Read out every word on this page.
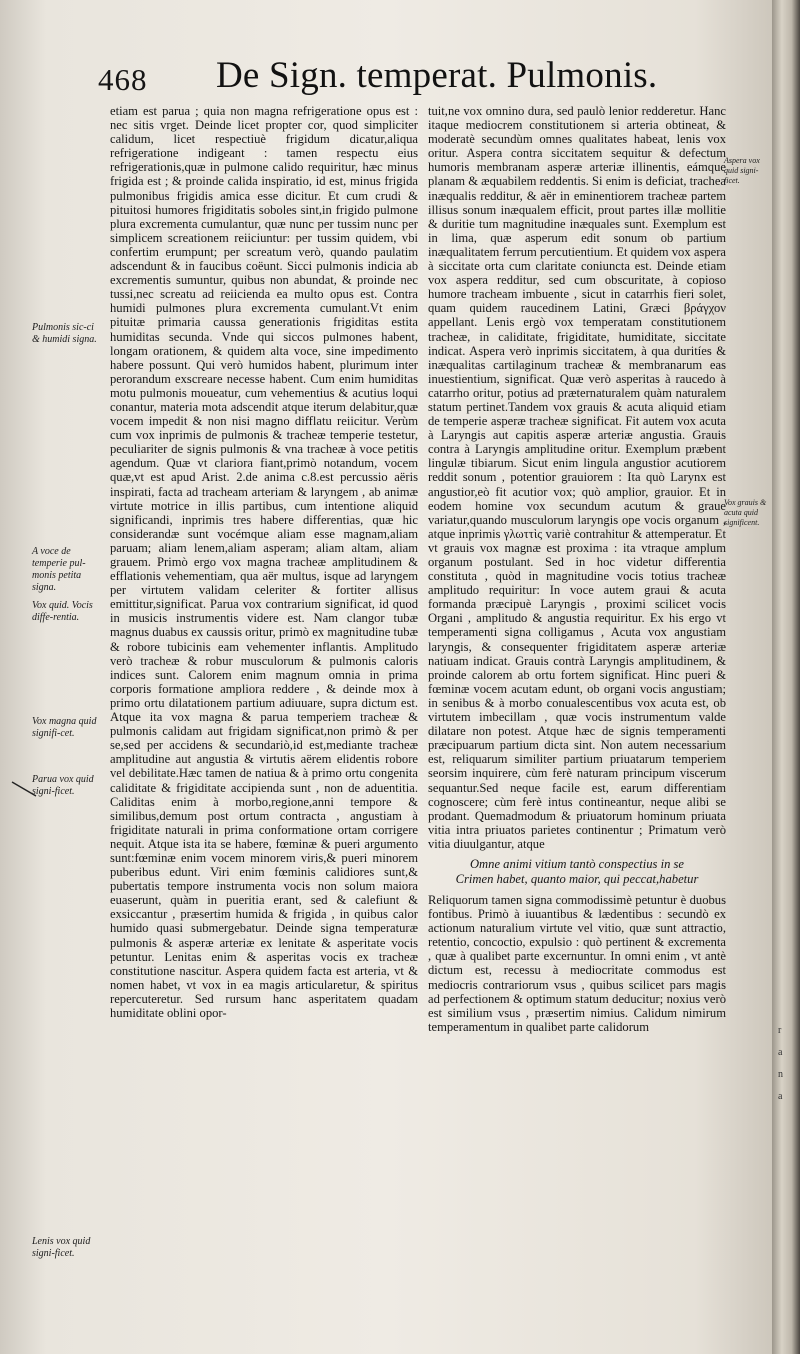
468 De Sign. temperat. Pulmonis.
Pulmonis sic-ci & humidi signa.
A voce de temperie pul-monis petita signa.
Vox quid. Vocis diffe-rentia.
Vox magna quid signifi-cet.
Parua vox quid signi-ficet.
Lenis vox quid signi-ficet.

etiam est parua ; quia non magna refrigeratione opus est : nec sitis vrget. Deinde licet propter cor, quod simpliciter calidum, licet respectiuè frigidum dicatur,aliqua refrigeratione indigeant : tamen respectu eius refrigerationis,quæ in pulmone calido requiritur, hæc minus frigida est ; & proinde calida inspiratio, id est, minus frigida pulmonibus frigidis amica esse dicitur. Et cum crudi & pituitosi humores frigiditatis soboles sint,in frigido pulmone plura excrementa cumulantur, quæ nunc per tussim nunc per simplicem screationem reiiciuntur: per tussim quidem, vbi confertim erumpunt; per screatum verò, quando paulatim adscendunt & in faucibus coëunt. Sicci pulmonis indicia ab excrementis sumuntur, quibus non abundat, & proinde nec tussi,nec screatu ad reiicienda ea multo opus est. Contra humidi pulmones plura excrementa cumulant.Vt enim pituitæ primaria caussa generationis frigiditas estita humiditas secunda. Vnde qui siccos pulmones habent, longam orationem, & quidem alta voce, sine impedimento habere possunt. Qui verò humidos habent, plurimum inter perorandum exscreare necesse habent. Cum enim humiditas motu pulmonis moueatur, cum vehementius & acutius loqui conantur, materia mota adscendit atque iterum delabitur,quæ vocem impedit & non nisi magno difflatu reiicitur. Verùm cum vox inprimis de pulmonis & tracheæ temperie testetur, peculiariter de signis pulmonis & vna tracheæ à voce petitis agendum. Quæ vt clariora fiant,primò notandum, vocem quæ,vt est apud Arist. 2.de anima c.8.est percussio aëris inspirati, facta ad tracheam arteriam & laryngem , ab animæ virtute motrice in illis partibus, cum intentione aliquid significandi, inprimis tres habere differentias, quæ hic considerandæ sunt vocémque aliam esse magnam,aliam paruam; aliam lenem,aliam asperam; aliam altam, aliam grauem. Primò ergo vox magna tracheæ amplitudinem & efflationis vehementiam, qua aër multus, isque ad laryngem per virtutem validam celeriter & fortiter allisus emittitur,significat. Parua vox contrarium significat, id quod in musicis instrumentis videre est. Nam clangor tubæ magnus duabus ex caussis oritur, primò ex magnitudine tubæ & robore tubicinis eam vehementer inflantis. Amplitudo verò tracheæ & robur musculorum & pulmonis caloris indices sunt. Calorem enim magnum omnia in prima corporis formatione ampliora reddere , & deinde mox à primo ortu dilatationem partium adiuuare, supra dictum est. Atque ita vox magna & parua temperiem tracheæ & pulmonis calidam aut frigidam significat,non primò & per se,sed per accidens & secundariò,id est,mediante tracheæ amplitudine aut angustia & virtutis aërem elidentis robore vel debilitate.Hæc tamen de natiua & à primo ortu congenita caliditate & frigiditate accipienda sunt , non de aduentitia. Caliditas enim à morbo,regione,anni tempore & similibus,demum post ortum contracta , angustiam à frigiditate naturali in prima conformatione ortam corrigere nequit. Atque ista ita se habere, fœminæ & pueri argumento sunt:fœminæ enim vocem minorem viris,& pueri minorem puberibus edunt. Viri enim fœminis calidiores sunt,& pubertatis tempore instrumenta vocis non solum maiora euaserunt, quàm in pueritia erant, sed & calefiunt & exsiccantur , præsertim humida & frigida , in quibus calor humido quasi submergebatur. Deinde signa temperaturæ pulmonis & asperæ arteriæ ex lenitate & asperitate vocis petuntur. Lenitas enim & asperitas vocis ex tracheæ constitutione nascitur. Aspera quidem facta est arteria, vt & nomen habet, vt vox in ea magis articularetur, & spiritus repercuteretur. Sed rursum hanc asperitatem quadam humiditate oblini opor-

tuit,ne vox omnino dura, sed paulò lenior redderetur. Hanc itaque mediocrem constitutionem si arteria obtineat, & moderatè secundùm omnes qualitates habeat, lenis vox oritur. Aspera contra siccitatem sequitur & defectum humoris membranam asperæ arteriæ illinentis, eámque planam & æquabilem reddentis. Si enim is deficiat, trachea inæqualis redditur, & aër in eminentiorem tracheæ partem illisus sonum inæqualem efficit, prout partes illæ mollitie & duritie tum magnitudine inæquales sunt. Exemplum est in lima, quæ asperum edit sonum ob partium inæqualitatem ferrum percutientium. Et quidem vox aspera à siccitate orta cum claritate coniuncta est. Deinde etiam vox aspera redditur, sed cum obscuritate, à copioso humore tracheam imbuente , sicut in catarrhis fieri solet, quam quidem raucedinem Latini, Græci βράγχον appellant. Lenis ergò vox temperatam constitutionem tracheæ, in caliditate, frigiditate, humiditate, siccitate indicat. Aspera verò inprimis siccitatem, à qua duritíes & inæqualitas cartilaginum tracheæ & membranarum eas inuestientium, significat. Quæ verò asperitas à raucedo à catarrho oritur, potius ad præternaturalem quàm naturalem statum pertinet.Tandem vox grauis & acuta aliquid etiam de temperie asperæ tracheæ significat. Fit autem vox acuta à Laryngis aut capitis asperæ arteriæ angustia. Grauis contra à Laryngis amplitudine oritur. Exemplum præbent lingulæ tibiarum. Sicut enim lingula angustior acutiorem reddit sonum , potentior grauiorem : Ita quò Larynx est angustior,eò fit acutior vox; quò amplior, grauior. Et in eodem homine vox secundum acutum & graue variatur,quando musculorum laryngis ope vocis organum , atque inprimis γλωττὶς variè contrahitur & attemperatur. Et vt grauis vox magnæ est proxima : ita vtraque amplum organum postulant. Sed in hoc videtur differentia constituta , quòd in magnitudine vocis totius tracheæ amplitudo requiritur: In voce autem graui & acuta formanda præcipuè Laryngis , proximi scilicet vocis Organi , amplitudo & angustia requiritur. Ex his ergo vt temperamenti signa colligamus , Acuta vox angustiam laryngis, & consequenter frigiditatem asperæ arteriæ natiuam indicat. Grauis contrà Laryngis amplitudinem, & proinde calorem ab ortu fortem significat. Hinc pueri & fœminæ vocem acutam edunt, ob organi vocis angustiam; in senibus & à morbo conualescentibus vox acuta est, ob virtutem imbecillam , quæ vocis instrumentum valde dilatare non potest. Atque hæc de signis temperamenti præcipuarum partium dicta sint. Non autem necessarium est, reliquarum similiter partium priuatarum temperiem seorsim inquirere, cùm ferè naturam principum viscerum sequantur.Sed neque facile est, earum differentiam cognoscere; cùm ferè intus contineantur, neque alibi se prodant. Quemadmodum & priuatorum hominum priuata vitia intra priuatos parietes continentur ; Primatum verò vitia diuulgantur, atque

Omne animi vitium tantò conspectius in se
Crimen habet, quanto maior, qui peccat,habetur

Reliquorum tamen signa commodissimè petuntur è duobus fontibus. Primò à iuuantibus & lædentibus : secundò ex actionum naturalium virtute vel vitio, quæ sunt attractio, retentio, concoctio, expulsio : quò pertinent & excrementa , quæ à qualibet parte excernuntur. In omni enim , vt antè dictum est, recessu à mediocritate commodus est mediocris contrariorum vsus , quibus scilicet pars magis ad perfectionem & optimum statum deducitur; noxius verò est similium vsus , præsertim nimius. Calidum nimirum temperamentum in qualibet parte calidorum

Aspera vox quid signi-ficet.
Vox grauis & acuta quid significent.
r
a
n
a
